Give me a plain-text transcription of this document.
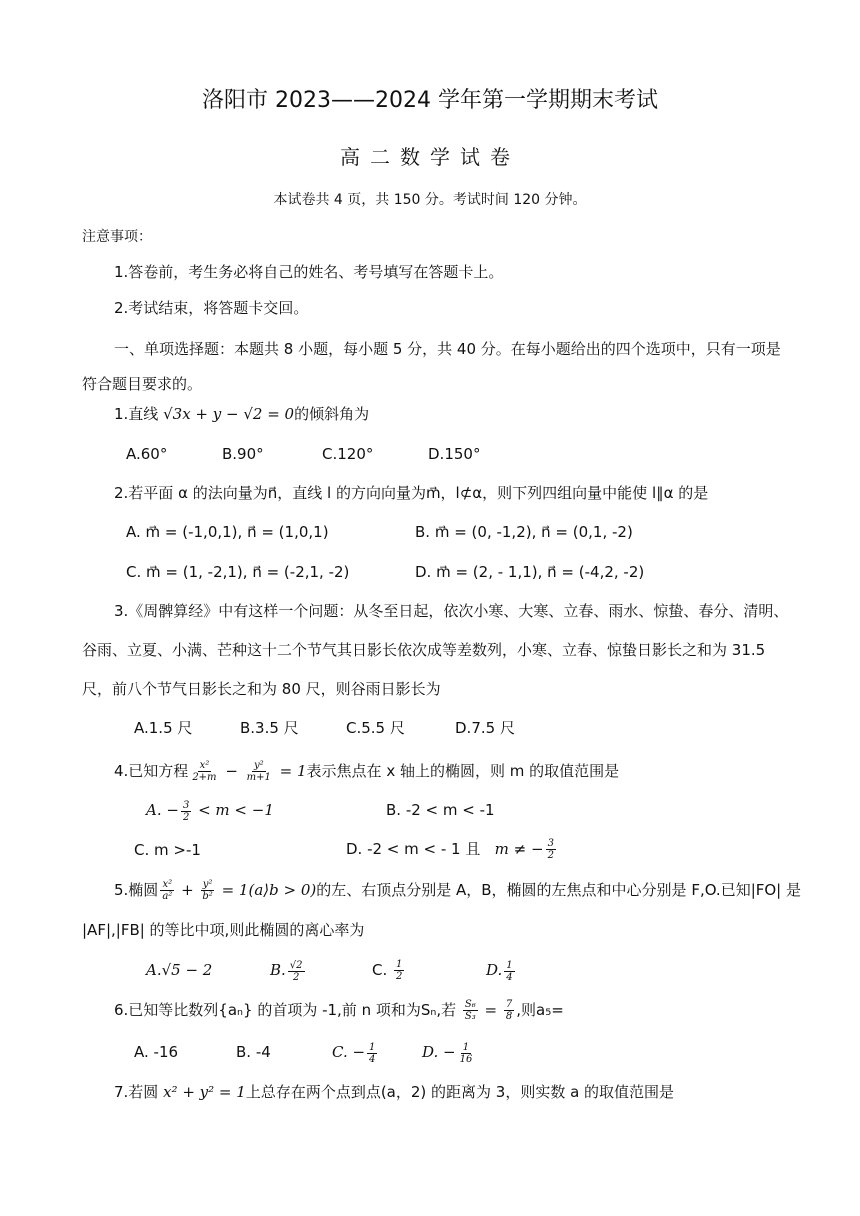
洛阳市 2023——2024 学年第一学期期末考试
高二数学试卷
本试卷共 4 页，共 150 分。考试时间 120 分钟。
注意事项：
1.答卷前，考生务必将自己的姓名、考号填写在答题卡上。
2.考试结束，将答题卡交回。
一、单项选择题：本题共 8 小题，每小题 5 分，共 40 分。在每小题给出的四个选项中，只有一项是
符合题目要求的。
1.直线 √3x + y − √2 = 0的倾斜角为
A.60°	B.90°	C.120°	D.150°
2.若平面 α 的法向量为n⃗，直线 l 的方向向量为m⃗，l⊄α，则下列四组向量中能使 l∥α 的是
A. m⃗ = (-1,0,1), n⃗ = (1,0,1)	B. m⃗ = (0, -1,2), n⃗ = (0,1, -2)
C. m⃗ = (1, -2,1), n⃗ = (-2,1, -2)	D. m⃗ = (2, - 1,1), n⃗ = (-4,2, -2)
3.《周髀算经》中有这样一个问题：从冬至日起，依次小寒、大寒、立春、雨水、惊蛰、春分、清明、
谷雨、立夏、小满、芒种这十二个节气其日影长依次成等差数列，小寒、立春、惊蛰日影长之和为 31.5
尺，前八个节气日影长之和为 80 尺，则谷雨日影长为
A.1.5 尺	B.3.5 尺	C.5.5 尺	D.7.5 尺
4.已知方程 $\frac{\text{x²}}{2+m} - \frac{\text{y²}}{m+1} = 1$表示焦点在 x 轴上的椭圆，则 m 的取值范围是
A. − $\frac{3}{2} < m < -1$	B. -2 < m < -1
C. m >-1	D. -2 < m < - 1 且 m ≠ − $\frac{3}{2}$
5.椭圆 $\frac{\text{x²}}{\text{a²}} + \frac{\text{y²}}{\text{b²}}$ = 1(a⟩b > 0)的左、右顶点分别是 A，B，椭圆的左焦点和中心分别是 F,O.已知|FO| 是
|AF|,|FB| 的等比中项,则此椭圆的离心率为
A.√5 − 2	B. $\frac{√2}{2}$	C. $\frac{1}{2}$	D. $\frac{1}{4}$
6.已知等比数列{aₙ} 的首项为 -1,前 n 项和为Sₙ,若 $\frac{\text{S₆}}{\text{S₃}} = \frac{7}{8}$ ,则a₅=
A. -16	B. -4	C. − $\frac{1}{4}$	D. − $\frac{1}{16}$
7.若圆 x² + y² = 1上总存在两个点到点(a，2) 的距离为 3，则实数 a 的取值范围是
